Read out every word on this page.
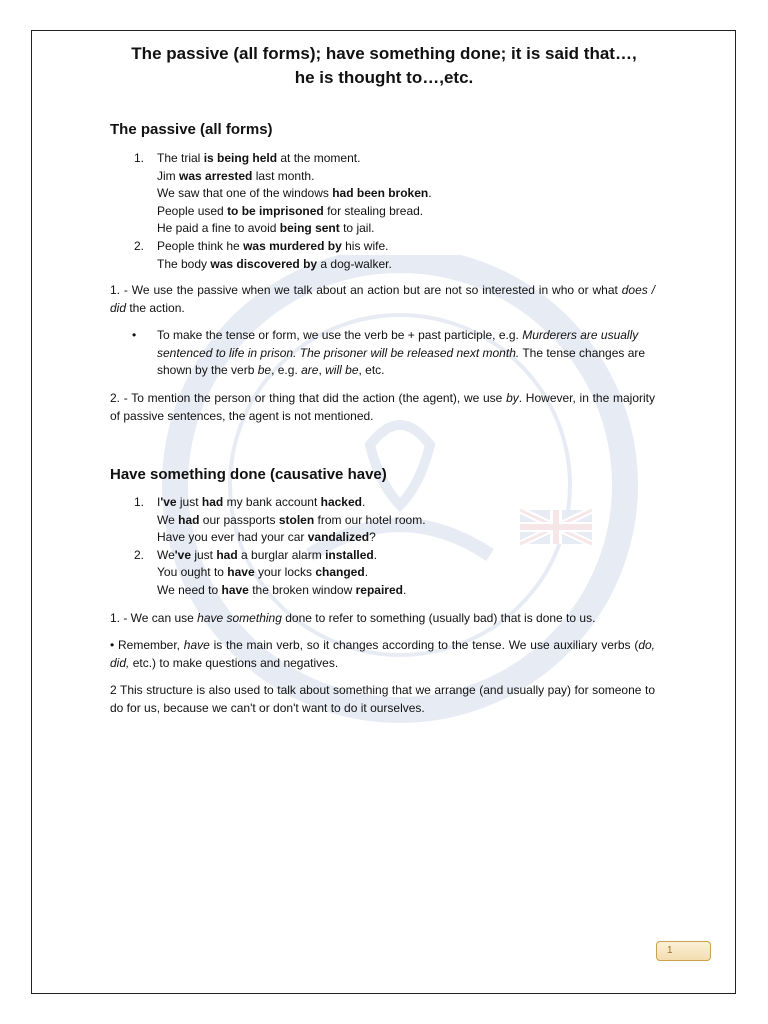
The passive (all forms); have something done; it is said that…,
he is thought to…,etc.
The passive (all forms)
1. The trial is being held at the moment.
Jim was arrested last month.
We saw that one of the windows had been broken.
People used to be imprisoned for stealing bread.
He paid a fine to avoid being sent to jail.
2. People think he was murdered by his wife.
The body was discovered by a dog-walker.

1. - We use the passive when we talk about an action but are not so interested in who or what does / did the action.

• To make the tense or form, we use the verb be + past participle, e.g. Murderers are usually sentenced to life in prison. The prisoner will be released next month. The tense changes are shown by the verb be, e.g. are, will be, etc.

2. - To mention the person or thing that did the action (the agent), we use by. However, in the majority of passive sentences, the agent is not mentioned.

Have something done (causative have)
1. I've just had my bank account hacked.
We had our passports stolen from our hotel room.
Have you ever had your car vandalized?
2. We've just had a burglar alarm installed.
You ought to have your locks changed.
We need to have the broken window repaired.

1. - We can use have something done to refer to something (usually bad) that is done to us.

• Remember, have is the main verb, so it changes according to the tense. We use auxiliary verbs (do, did, etc.) to make questions and negatives.

2 This structure is also used to talk about something that we arrange (and usually pay) for someone to do for us, because we can't or don't want to do it ourselves.

1
